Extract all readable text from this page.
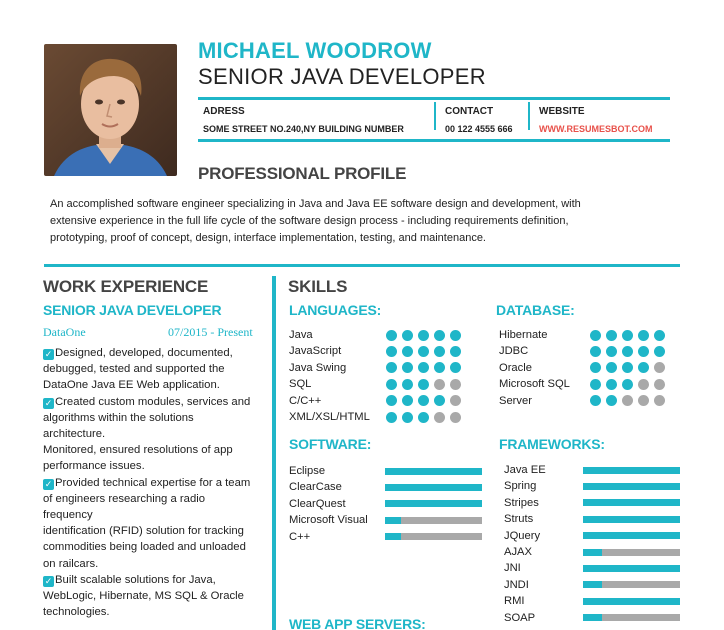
MICHAEL WOODROW
SENIOR JAVA DEVELOPER
ADRESS
SOME STREET NO.240,NY BUILDING NUMBER
CONTACT
00 122 4555 666
WEBSITE
WWW.RESUMESBOT.COM
PROFESSIONAL PROFILE
An accomplished software engineer specializing in Java and Java EE software design and development, with
extensive experience in the full life cycle of the software design process - including requirements definition,
prototyping, proof of concept, design, interface implementation, testing, and maintenance.
WORK EXPERIENCE
SENIOR JAVA DEVELOPER
DataOne	07/2015 - Present
✓ Designed, developed, documented,
debugged, tested and supported the
DataOne Java EE Web application.
✓ Created custom modules, services and
algorithms within the solutions
architecture.
Monitored, ensured resolutions of app
performance issues.
✓ Provided technical expertise for a team
of engineers researching a radio
frequency
identification (RFID) solution for tracking
commodities being loaded and unloaded
on railcars.
✓ Built scalable solutions for Java,
WebLogic, Hibernate, MS SQL & Oracle
technologies.
SKILLS
LANGUAGES:
Java
JavaScript
Java Swing
SQL
C/C++
XML/XSL/HTML
DATABASE:
Hibernate
JDBC
Oracle
Microsoft SQL
Server
SOFTWARE:
Eclipse
ClearCase
ClearQuest
Microsoft Visual
C++
FRAMEWORKS:
Java EE
Spring
Stripes
Struts
JQuery
AJAX
JNI
JNDI
RMI
SOAP
WEB APP SERVERS:
